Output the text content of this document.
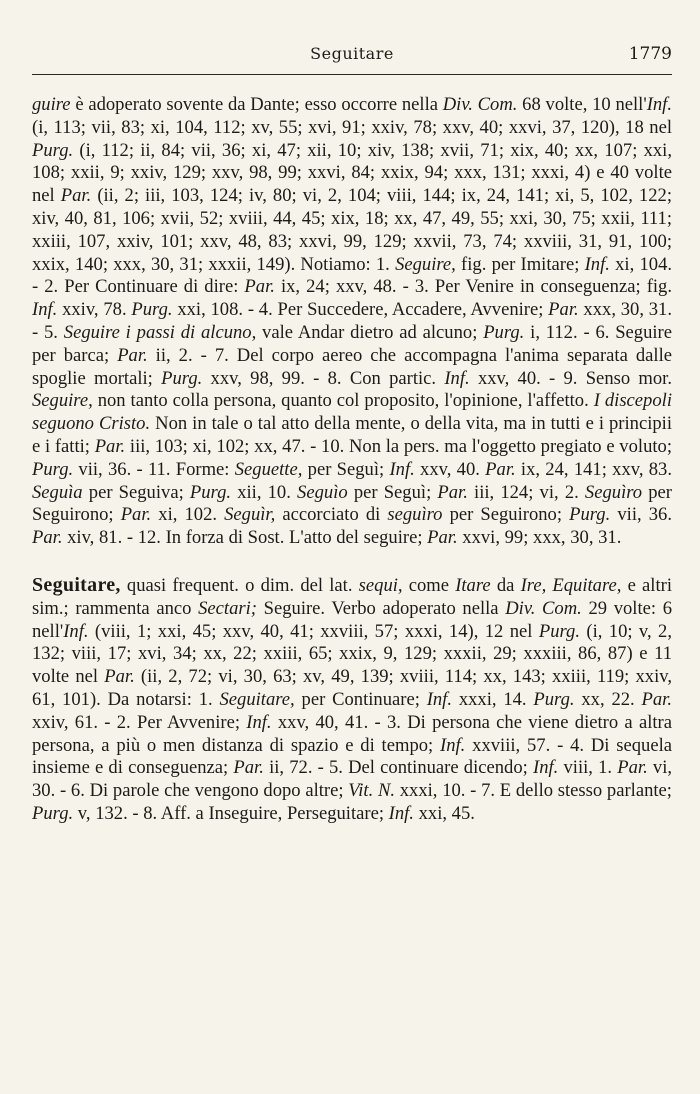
Seguitare	1779

guire è adoperato sovente da Dante; esso occorre nella Div. Com. 68 volte, 10 nell'Inf. (i, 113; vii, 83; xi, 104, 112; xv, 55; xvi, 91; xxiv, 78; xxv, 40; xxvi, 37, 120), 18 nel Purg. (i, 112; ii, 84; vii, 36; xi, 47; xii, 10; xiv, 138; xvii, 71; xix, 40; xx, 107; xxi, 108; xxii, 9; xxiv, 129; xxv, 98, 99; xxvi, 84; xxix, 94; xxx, 131; xxxi, 4) e 40 volte nel Par. (ii, 2; iii, 103, 124; iv, 80; vi, 2, 104; viii, 144; ix, 24, 141; xi, 5, 102, 122; xiv, 40, 81, 106; xvii, 52; xviii, 44, 45; xix, 18; xx, 47, 49, 55; xxi, 30, 75; xxii, 111; xxiii, 107, xxiv, 101; xxv, 48, 83; xxvi, 99, 129; xxvii, 73, 74; xxviii, 31, 91, 100; xxix, 140; xxx, 30, 31; xxxii, 149). Notiamo: 1. Seguire, fig. per Imitare; Inf. xi, 104. - 2. Per Continuare di dire: Par. ix, 24; xxv, 48. - 3. Per Venire in conseguenza; fig. Inf. xxiv, 78. Purg. xxi, 108. - 4. Per Succedere, Accadere, Avvenire; Par. xxx, 30, 31. - 5. Seguire i passi di alcuno, vale Andar dietro ad alcuno; Purg. i, 112. - 6. Seguire per barca; Par. ii, 2. - 7. Del corpo aereo che accompagna l'anima separata dalle spoglie mortali; Purg. xxv, 98, 99. - 8. Con partic. Inf. xxv, 40. - 9. Senso mor. Seguire, non tanto colla persona, quanto col proposito, l'opinione, l'affetto. I discepoli seguono Cristo. Non in tale o tal atto della mente, o della vita, ma in tutti e i principii e i fatti; Par. iii, 103; xi, 102; xx, 47. - 10. Non la pers. ma l'oggetto pregiato e voluto; Purg. vii, 36. - 11. Forme: Seguette, per Seguì; Inf. xxv, 40. Par. ix, 24, 141; xxv, 83. Seguìa per Seguiva; Purg. xii, 10. Seguìo per Seguì; Par. iii, 124; vi, 2. Seguìro per Seguirono; Par. xi, 102. Seguìr, accorciato di seguìro per Seguirono; Purg. vii, 36. Par. xiv, 81. - 12. In forza di Sost. L'atto del seguire; Par. xxvi, 99; xxx, 30, 31.

Seguitare, quasi frequent. o dim. del lat. sequi, come Itare da Ire, Equitare, e altri sim.; rammenta anco Sectari; Seguire. Verbo adoperato nella Div. Com. 29 volte: 6 nell'Inf. (viii, 1; xxi, 45; xxv, 40, 41; xxviii, 57; xxxi, 14), 12 nel Purg. (i, 10; v, 2, 132; viii, 17; xvi, 34; xx, 22; xxiii, 65; xxix, 9, 129; xxxii, 29; xxxiii, 86, 87) e 11 volte nel Par. (ii, 2, 72; vi, 30, 63; xv, 49, 139; xviii, 114; xx, 143; xxiii, 119; xxiv, 61, 101). Da notarsi: 1. Seguitare, per Continuare; Inf. xxxi, 14. Purg. xx, 22. Par. xxiv, 61. - 2. Per Avvenire; Inf. xxv, 40, 41. - 3. Di persona che viene dietro a altra persona, a più o men distanza di spazio e di tempo; Inf. xxviii, 57. - 4. Di sequela insieme e di conseguenza; Par. ii, 72. - 5. Del continuare dicendo; Inf. viii, 1. Par. vi, 30. - 6. Di parole che vengono dopo altre; Vit. N. xxxi, 10. - 7. E dello stesso parlante; Purg. v, 132. - 8. Aff. a Inseguire, Perseguitare; Inf. xxi, 45.
